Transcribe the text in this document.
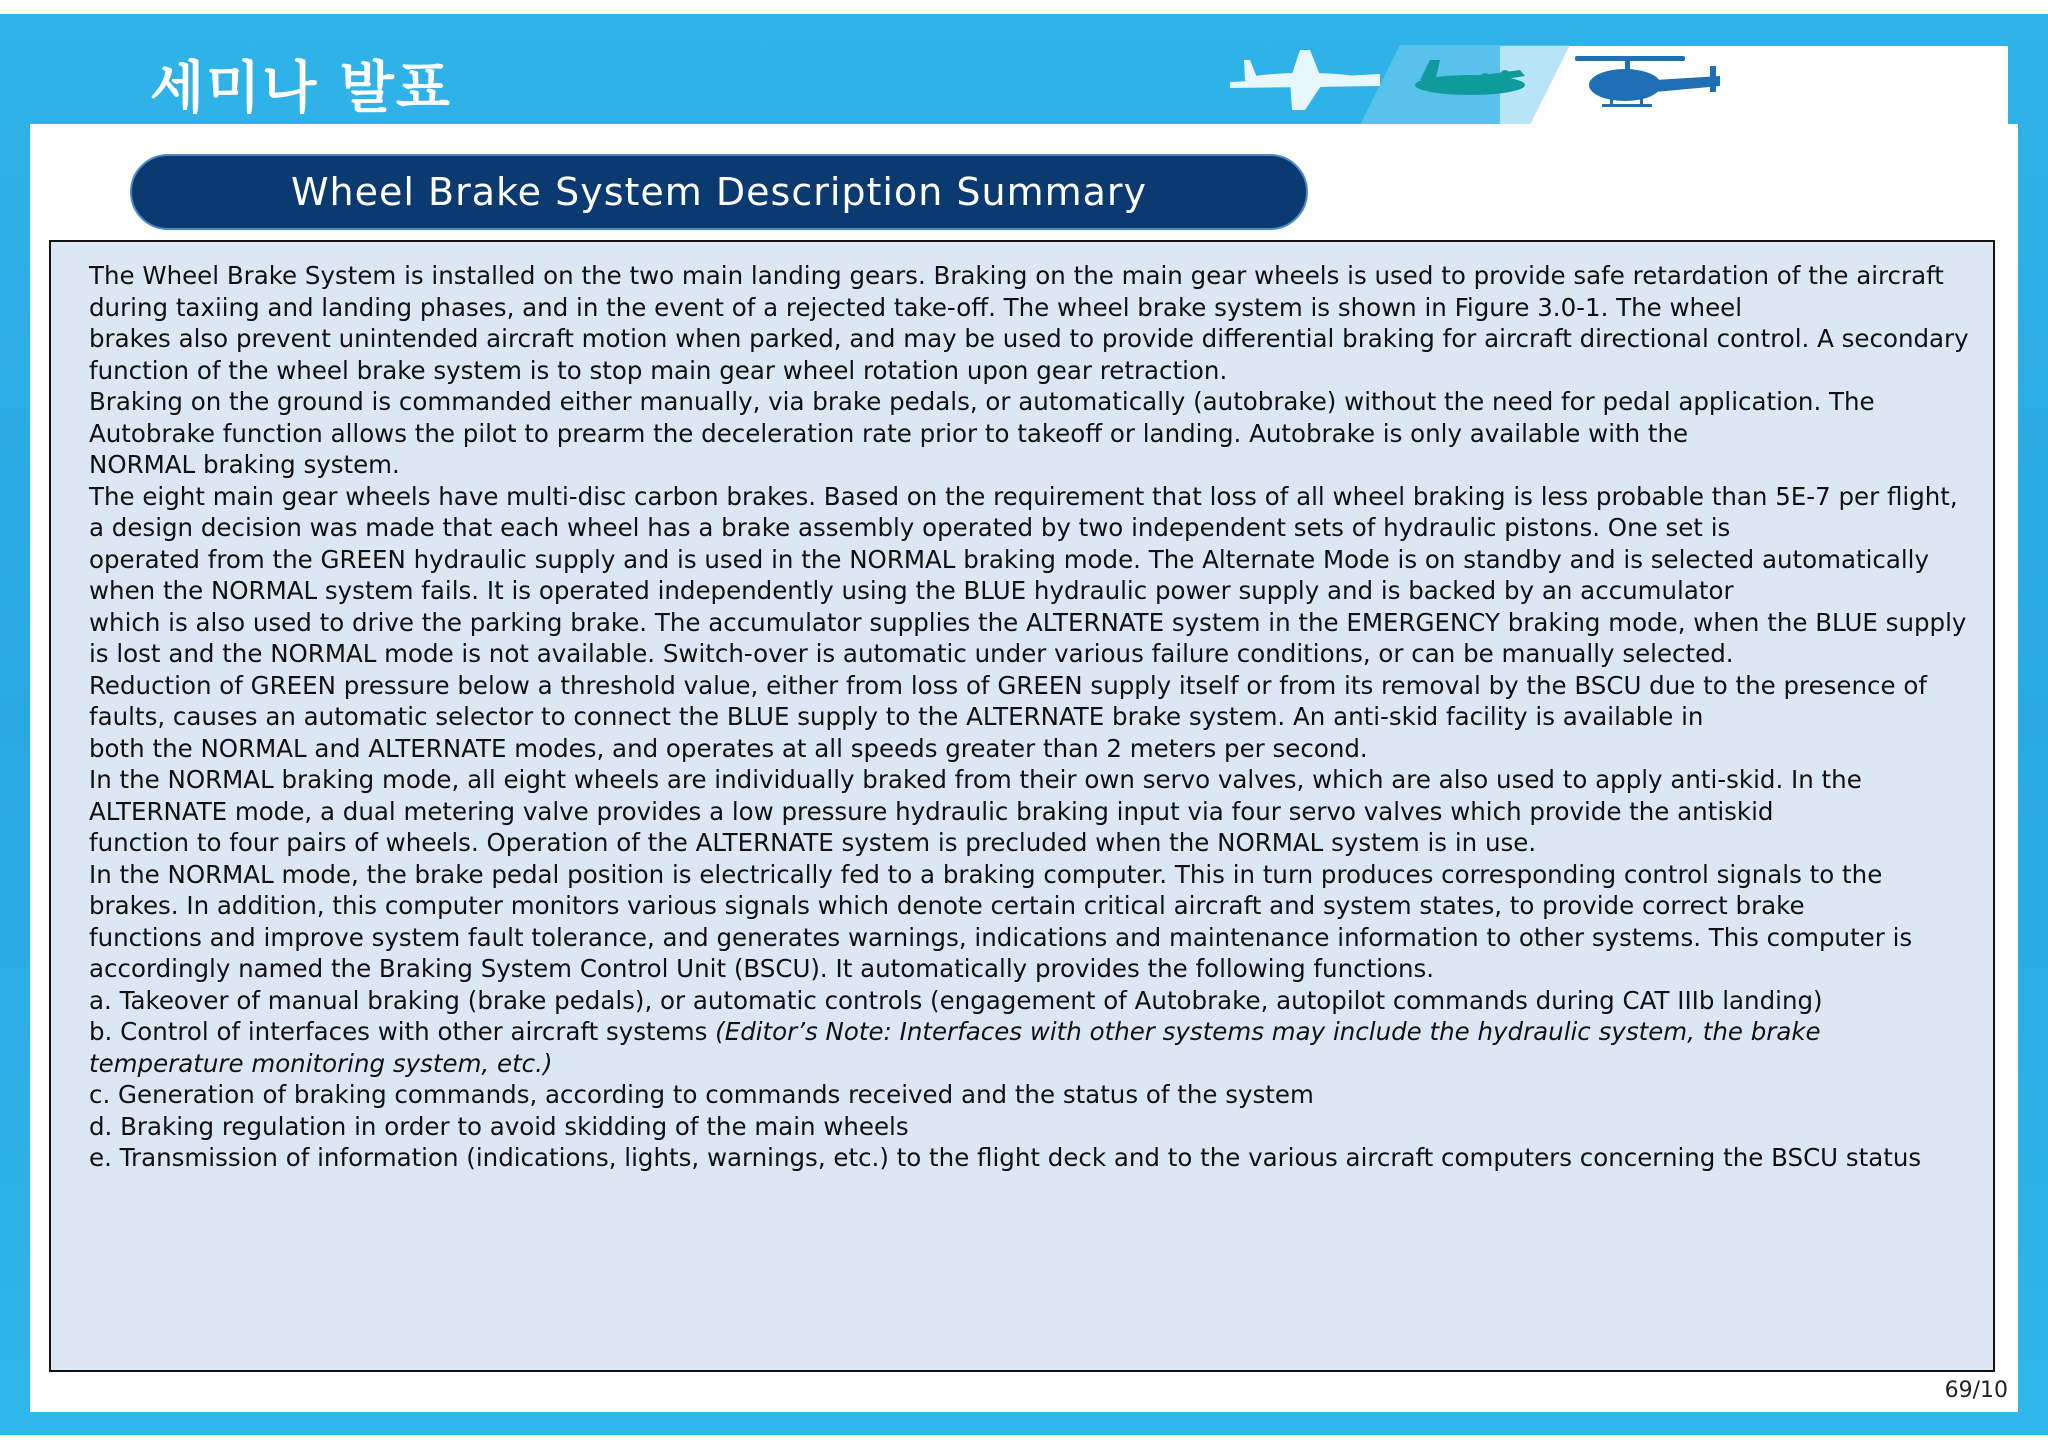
세미나 발표
Wheel Brake System Description Summary

The Wheel Brake System is installed on the two main landing gears. Braking on the main gear wheels is used to provide safe retardation of the aircraft during taxiing and landing phases, and in the event of a rejected take-off. The wheel brake system is shown in Figure 3.0-1. The wheel

brakes also prevent unintended aircraft motion when parked, and may be used to provide differential braking for aircraft directional control. A secondary function of the wheel brake system is to stop main gear wheel rotation upon gear retraction.

Braking on the ground is commanded either manually, via brake pedals, or automatically (autobrake) without the need for pedal application. The Autobrake function allows the pilot to prearm the deceleration rate prior to takeoff or landing. Autobrake is only available with the

NORMAL braking system.

The eight main gear wheels have multi-disc carbon brakes. Based on the requirement that loss of all wheel braking is less probable than 5E-7 per flight, a design decision was made that each wheel has a brake assembly operated by two independent sets of hydraulic pistons. One set is

operated from the GREEN hydraulic supply and is used in the NORMAL braking mode. The Alternate Mode is on standby and is selected automatically when the NORMAL system fails. It is operated independently using the BLUE hydraulic power supply and is backed by an accumulator

which is also used to drive the parking brake. The accumulator supplies the ALTERNATE system in the EMERGENCY braking mode, when the BLUE supply is lost and the NORMAL mode is not available. Switch-over is automatic under various failure conditions, or can be manually selected.

Reduction of GREEN pressure below a threshold value, either from loss of GREEN supply itself or from its removal by the BSCU due to the presence of faults, causes an automatic selector to connect the BLUE supply to the ALTERNATE brake system. An anti-skid facility is available in

both the NORMAL and ALTERNATE modes, and operates at all speeds greater than 2 meters per second.

In the NORMAL braking mode, all eight wheels are individually braked from their own servo valves, which are also used to apply anti-skid. In the ALTERNATE mode, a dual metering valve provides a low pressure hydraulic braking input via four servo valves which provide the antiskid

function to four pairs of wheels. Operation of the ALTERNATE system is precluded when the NORMAL system is in use.

In the NORMAL mode, the brake pedal position is electrically fed to a braking computer. This in turn produces corresponding control signals to the brakes. In addition, this computer monitors various signals which denote certain critical aircraft and system states, to provide correct brake

functions and improve system fault tolerance, and generates warnings, indications and maintenance information to other systems. This computer is accordingly named the Braking System Control Unit (BSCU). It automatically provides the following functions.

a. Takeover of manual braking (brake pedals), or automatic controls (engagement of Autobrake, autopilot commands during CAT IIIb landing)

b. Control of interfaces with other aircraft systems (Editor’s Note: Interfaces with other systems may include the hydraulic system, the brake temperature monitoring system, etc.)

c. Generation of braking commands, according to commands received and the status of the system

d. Braking regulation in order to avoid skidding of the main wheels

e. Transmission of information (indications, lights, warnings, etc.) to the flight deck and to the various aircraft computers concerning the BSCU status

69/10
